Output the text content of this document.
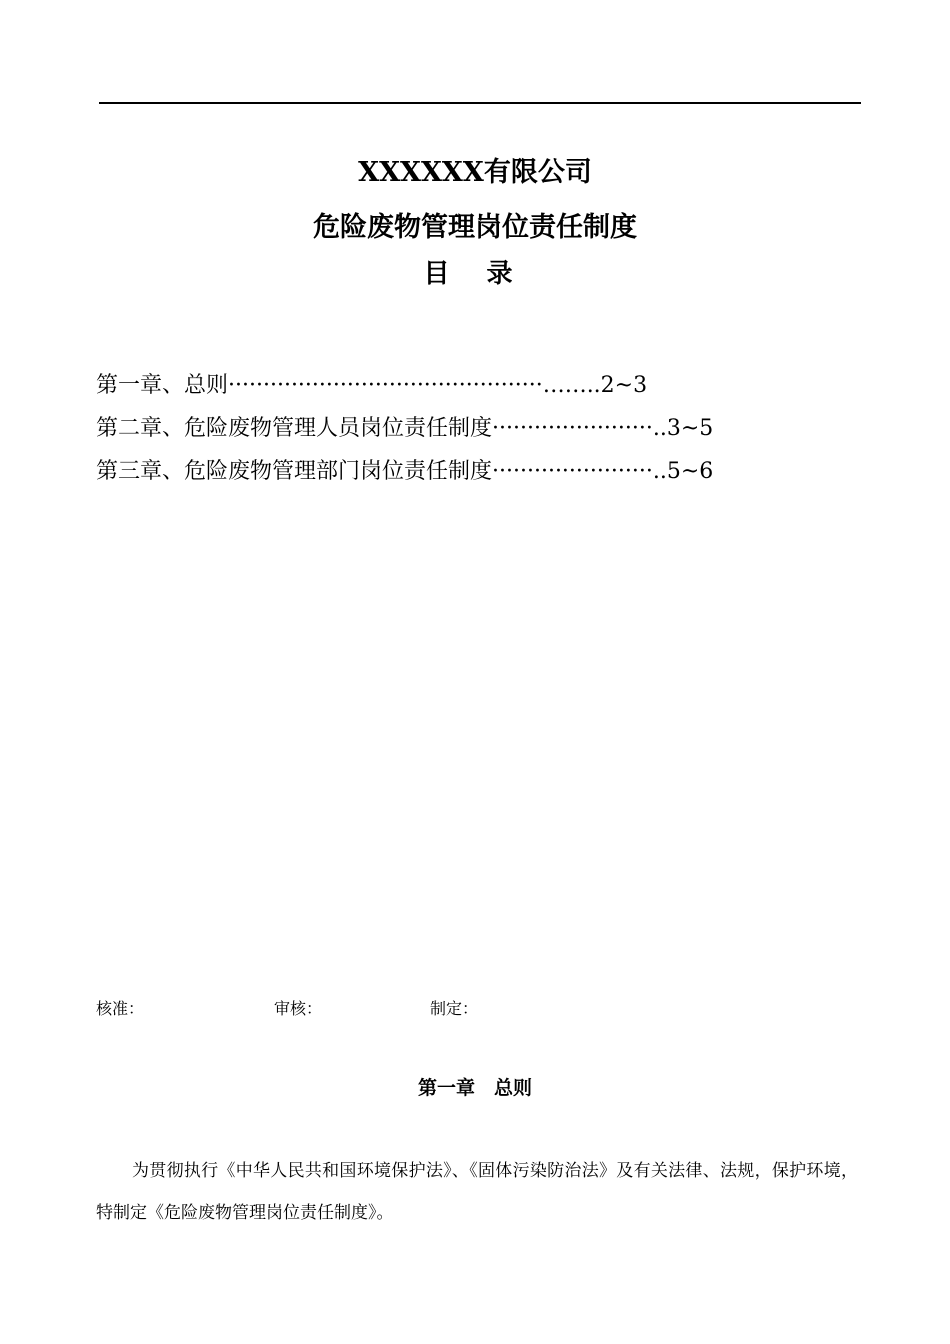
XXXXXX有限公司
危险废物管理岗位责任制度
目 录
第一章、总则·············································……..2~3
第二章、危险废物管理人员岗位责任制度·······················..3~5
第三章、危险废物管理部门岗位责任制度·······················..5~6
核准：	审核：	制定：
第一章　总则
为贯彻执行《中华人民共和国环境保护法》、《固体污染防治法》及有关法律、法规，保护环境，特制定《危险废物管理岗位责任制度》。
